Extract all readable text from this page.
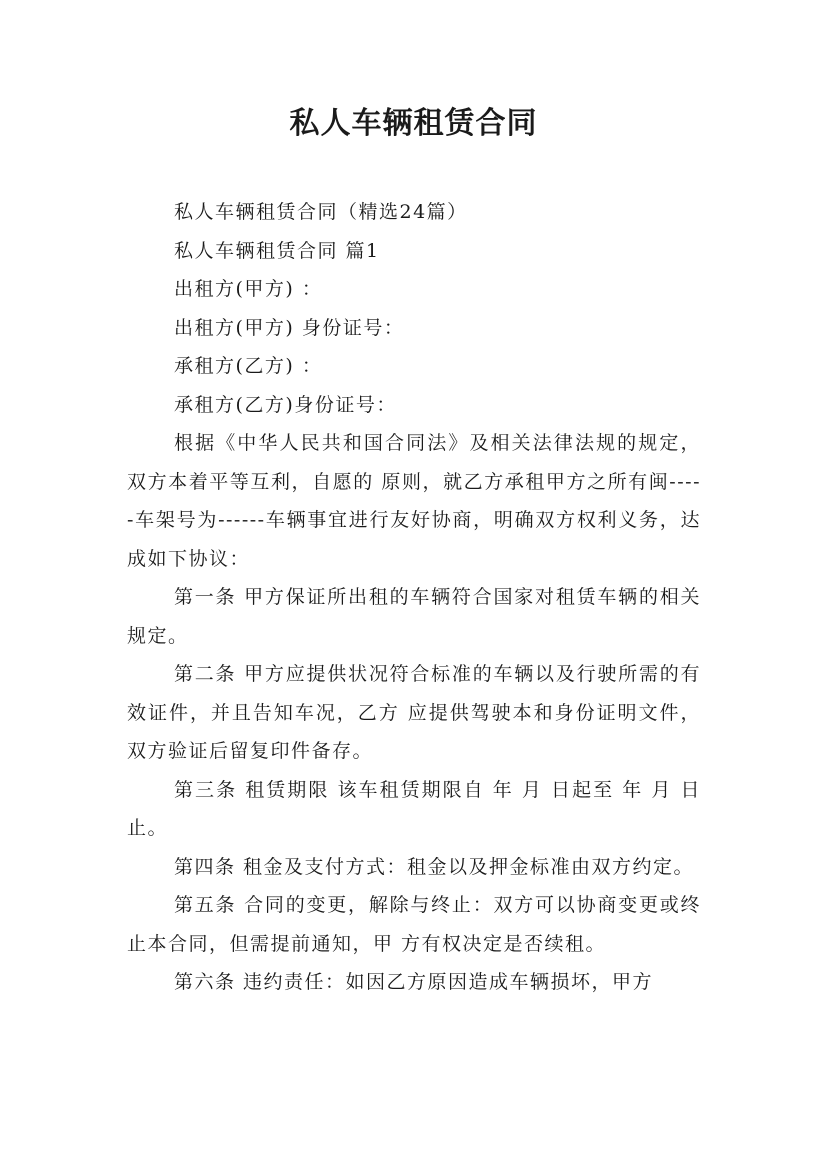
私人车辆租赁合同

私人车辆租赁合同（精选24篇）

私人车辆租赁合同 篇1

出租方(甲方) ：

出租方(甲方) 身份证号：

承租方(乙方) ：

承租方(乙方)身份证号：

根据《中华人民共和国合同法》及相关法律法规的规定，双方本着平等互利，自愿的 原则，就乙方承租甲方之所有闽-----车架号为------车辆事宜进行友好协商，明确双方权利义务，达成如下协议：

第一条 甲方保证所出租的车辆符合国家对租赁车辆的相关规定。

第二条 甲方应提供状况符合标准的车辆以及行驶所需的有效证件，并且告知车况，乙方 应提供驾驶本和身份证明文件，双方验证后留复印件备存。

第三条 租赁期限 该车租赁期限自 年 月 日起至 年 月 日止。

第四条 租金及支付方式：租金以及押金标准由双方约定。

第五条 合同的变更，解除与终止：双方可以协商变更或终止本合同，但需提前通知，甲 方有权决定是否续租。

第六条 违约责任：如因乙方原因造成车辆损坏，甲方
